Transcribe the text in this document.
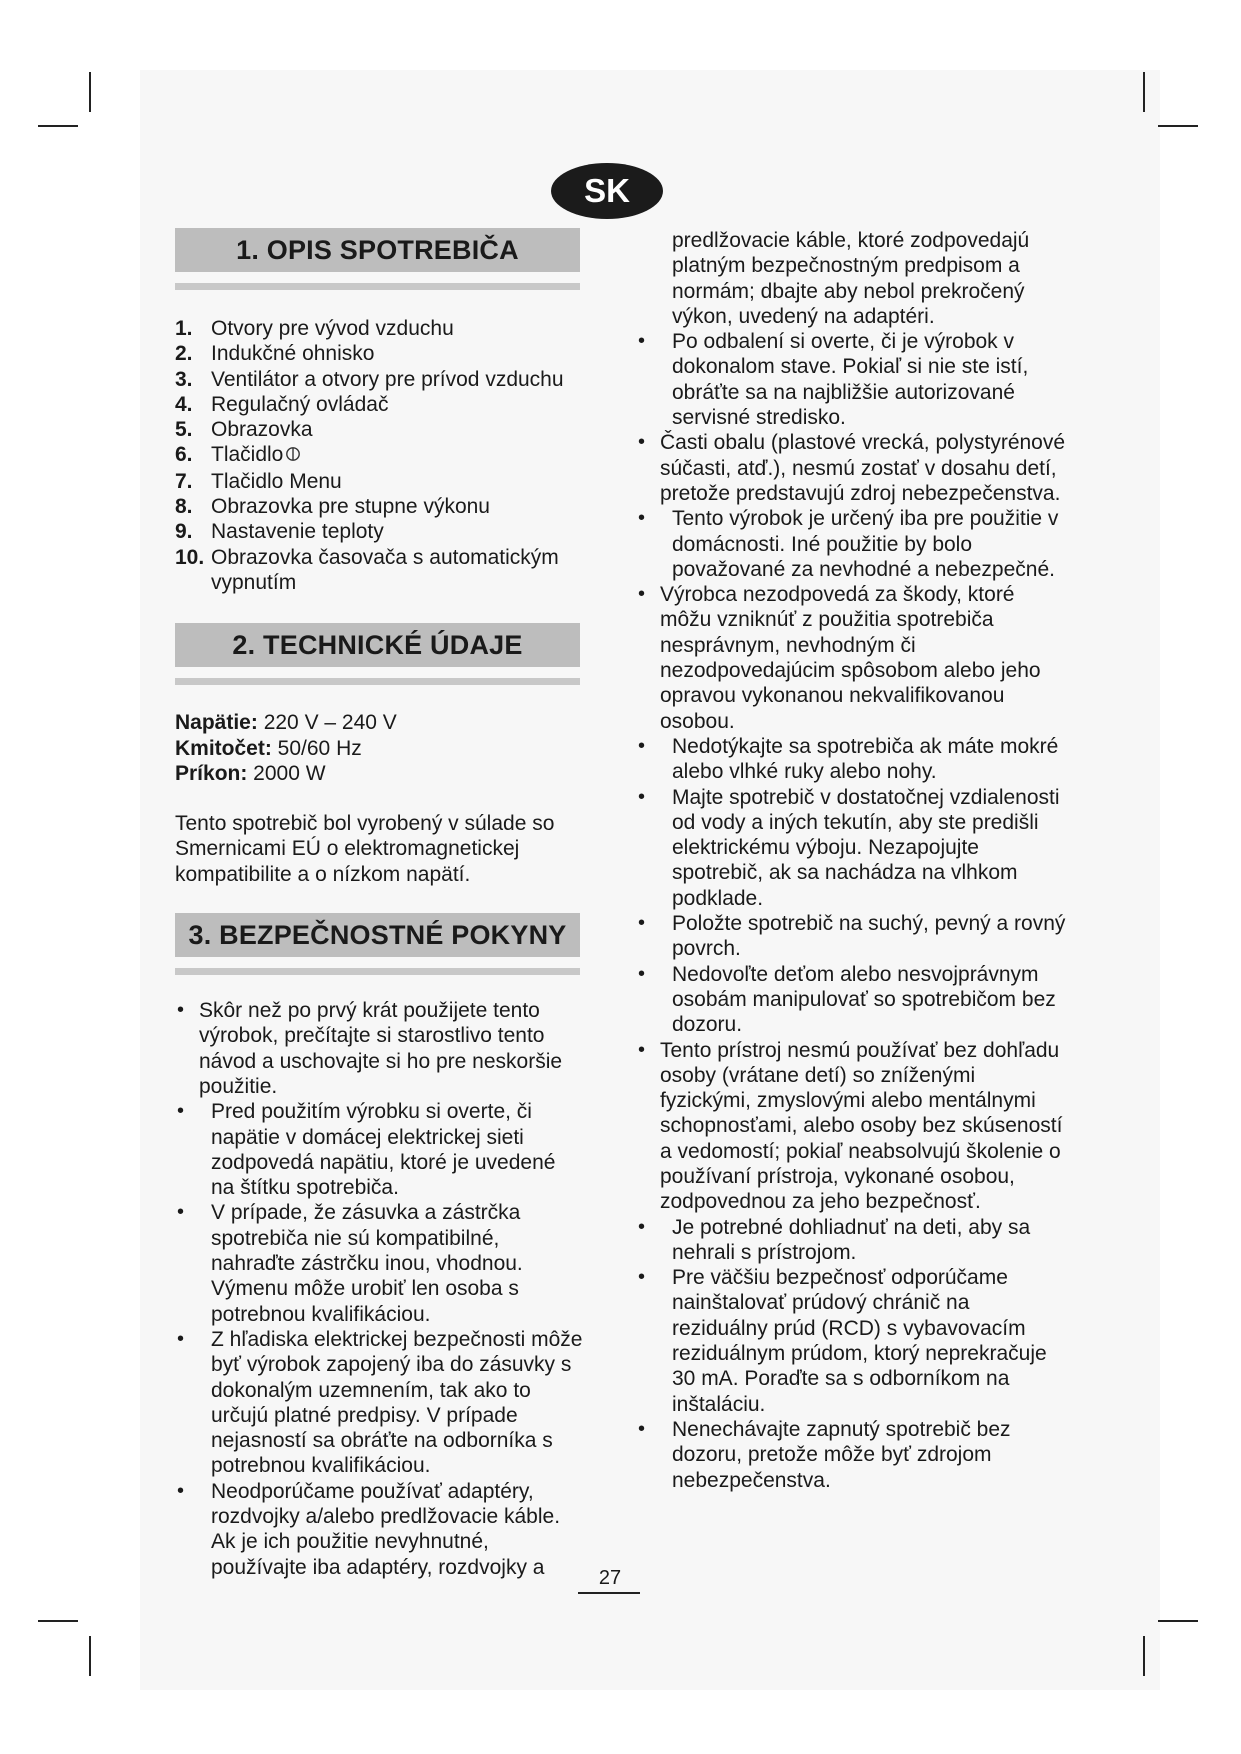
SK
1. OPIS SPOTREBIČA
1. Otvory pre vývod vzduchu
2. Indukčné ohnisko
3. Ventilátor a otvory pre prívod vzduchu
4. Regulačný ovládač
5. Obrazovka
6. Tlačidlo
7. Tlačidlo Menu
8. Obrazovka pre stupne výkonu
9. Nastavenie teploty
10. Obrazovka časovača s automatickým vypnutím
2. TECHNICKÉ ÚDAJE

Napätie: 220 V – 240 V

Kmitočet: 50/60 Hz

Príkon: 2000 W

Tento spotrebič bol vyrobený v súlade so Smernicami EÚ o elektromagnetickej kompatibilite a o nízkom napätí.

3. BEZPEČNOSTNÉ POKYNY
• Skôr než po prvý krát použijete tento výrobok, prečítajte si starostlivo tento návod a uschovajte si ho pre neskoršie použitie.
• Pred použitím výrobku si overte, či napätie v domácej elektrickej sieti zodpovedá napätiu, ktoré je uvedené na štítku spotrebiča.
• V prípade, že zásuvka a zástrčka spotrebiča nie sú kompatibilné, nahraďte zástrčku inou, vhodnou. Výmenu môže urobiť len osoba s potrebnou kvalifikáciou.
• Z hľadiska elektrickej bezpečnosti môže byť výrobok zapojený iba do zásuvky s dokonalým uzemnením, tak ako to určujú platné predpisy. V prípade nejasností sa obráťte na odborníka s potrebnou kvalifikáciou.
• Neodporúčame používať adaptéry, rozdvojky a/alebo predlžovacie káble. Ak je ich použitie nevyhnutné, používajte iba adaptéry, rozdvojky a

predlžovacie káble, ktoré zodpovedajú platným bezpečnostným predpisom a normám; dbajte aby nebol prekročený výkon, uvedený na adaptéri.

• Po odbalení si overte, či je výrobok v dokonalom stave. Pokiaľ si nie ste istí, obráťte sa na najbližšie autorizované servisné stredisko.
• Časti obalu (plastové vrecká, polystyrénové súčasti, atď.), nesmú zostať v dosahu detí, pretože predstavujú zdroj nebezpečenstva.
• Tento výrobok je určený iba pre použitie v domácnosti. Iné použitie by bolo považované za nevhodné a nebezpečné.
• Výrobca nezodpovedá za škody, ktoré môžu vzniknúť z použitia spotrebiča nesprávnym, nevhodným či nezodpovedajúcim spôsobom alebo jeho opravou vykonanou nekvalifikovanou osobou.
• Nedotýkajte sa spotrebiča ak máte mokré alebo vlhké ruky alebo nohy.
• Majte spotrebič v dostatočnej vzdialenosti od vody a iných tekutín, aby ste predišli elektrickému výboju. Nezapojujte spotrebič, ak sa nachádza na vlhkom podklade.
• Položte spotrebič na suchý, pevný a rovný povrch.
• Nedovoľte deťom alebo nesvojprávnym osobám manipulovať so spotrebičom bez dozoru.
• Tento prístroj nesmú používať bez dohľadu osoby (vrátane detí) so zníženými fyzickými, zmyslovými alebo mentálnymi schopnosťami, alebo osoby bez skúseností a vedomostí; pokiaľ neabsolvujú školenie o používaní prístroja, vykonané osobou, zodpovednou za jeho bezpečnosť.
• Je potrebné dohliadnuť na deti, aby sa nehrali s prístrojom.
• Pre väčšiu bezpečnosť odporúčame nainštalovať prúdový chránič na reziduálny prúd (RCD) s vybavovacím reziduálnym prúdom, ktorý neprekračuje 30 mA. Poraďte sa s odborníkom na inštaláciu.
• Nenechávajte zapnutý spotrebič bez dozoru, pretože môže byť zdrojom nebezpečenstva.
27
